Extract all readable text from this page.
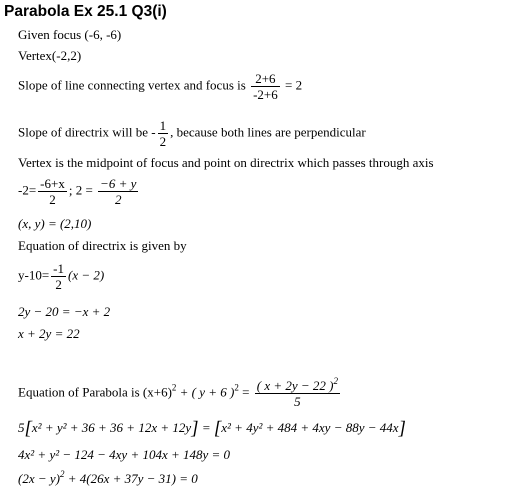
Parabola Ex 25.1 Q3(i)
Given focus (-6, -6)
Vertex(-2,2)
Slope of line connecting vertex and focus is $\frac{2+6}{-2+6} = 2$
Slope of directrix will be - $\frac{1}{2}$ , because both lines are perpendicular
Vertex is the midpoint of focus and point on directrix which passes through axis
$-2= \frac{-6+x}{2}$ ; $2 = \frac{-6 + y}{2}$
(x, y) = (2,10)
Equation of directrix is given by
$y-10= \frac{-1}{2} (x - 2)$
2y − 20 = −x + 2
x + 2y = 22
Equation of Parabola is $(x+6)^2$ + ( y + 6 )$^2 = \frac{( x + 2y - 22 )^2}{5}$
5[x² + y² + 36 + 36 + 12x + 12y] = [x² + 4y² + 484 + 4xy − 88y − 44x]
4x² + y² − 124 − 4xy + 104x + 148y = 0
$(2x - y)^2 + 4(26x + 37y - 31) = 0$
